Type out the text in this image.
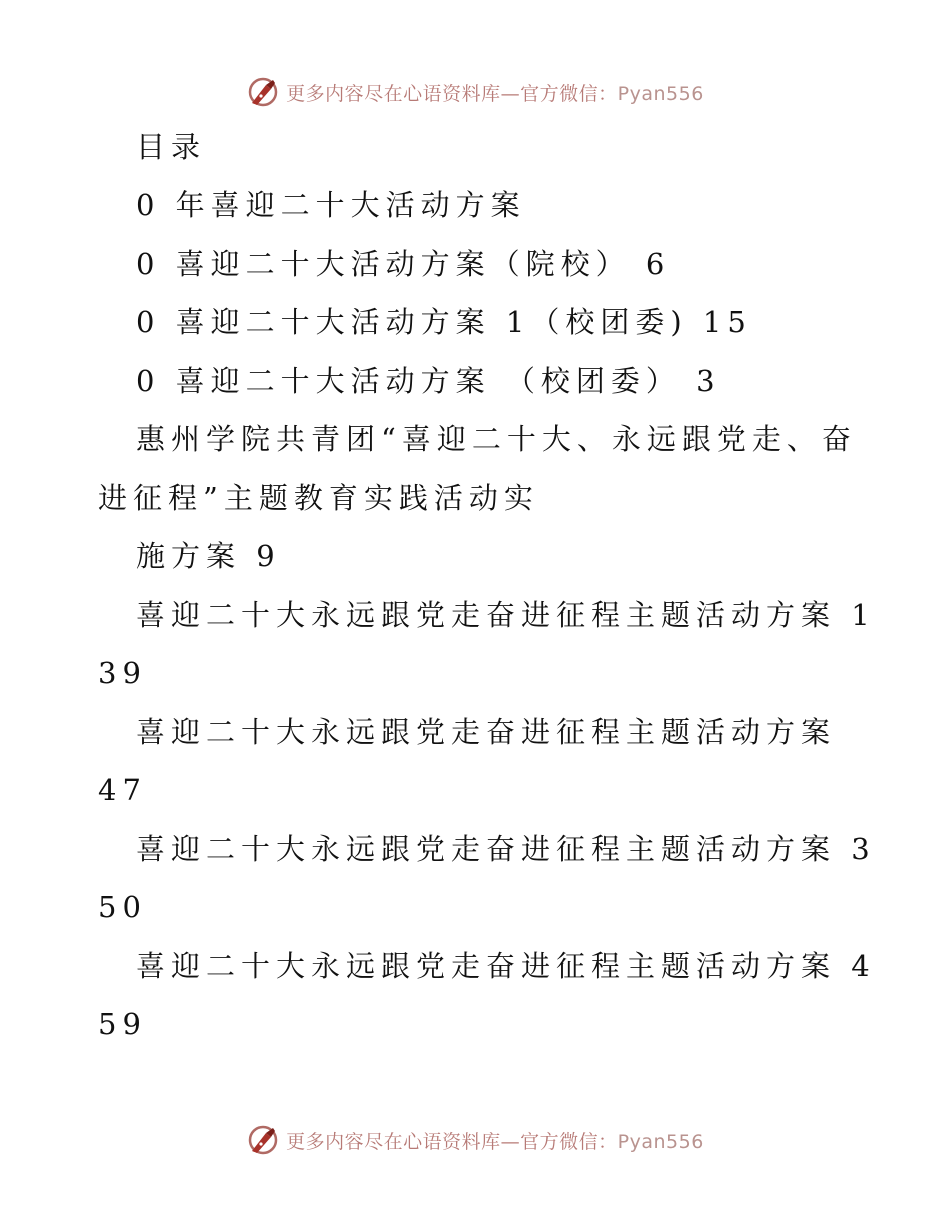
更多内容尽在心语资料库—官方微信：Pyan556
目录
0 年喜迎二十大活动方案
0 喜迎二十大活动方案（院校） 6
0 喜迎二十大活动方案 1（校团委) 15
0 喜迎二十大活动方案 （校团委） 3
惠州学院共青团“喜迎二十大、永远跟党走、奋
进征程”主题教育实践活动实
施方案 9
喜迎二十大永远跟党走奋进征程主题活动方案 1
39
喜迎二十大永远跟党走奋进征程主题活动方案
47
喜迎二十大永远跟党走奋进征程主题活动方案 3
50
喜迎二十大永远跟党走奋进征程主题活动方案 4
59
更多内容尽在心语资料库—官方微信：Pyan556
